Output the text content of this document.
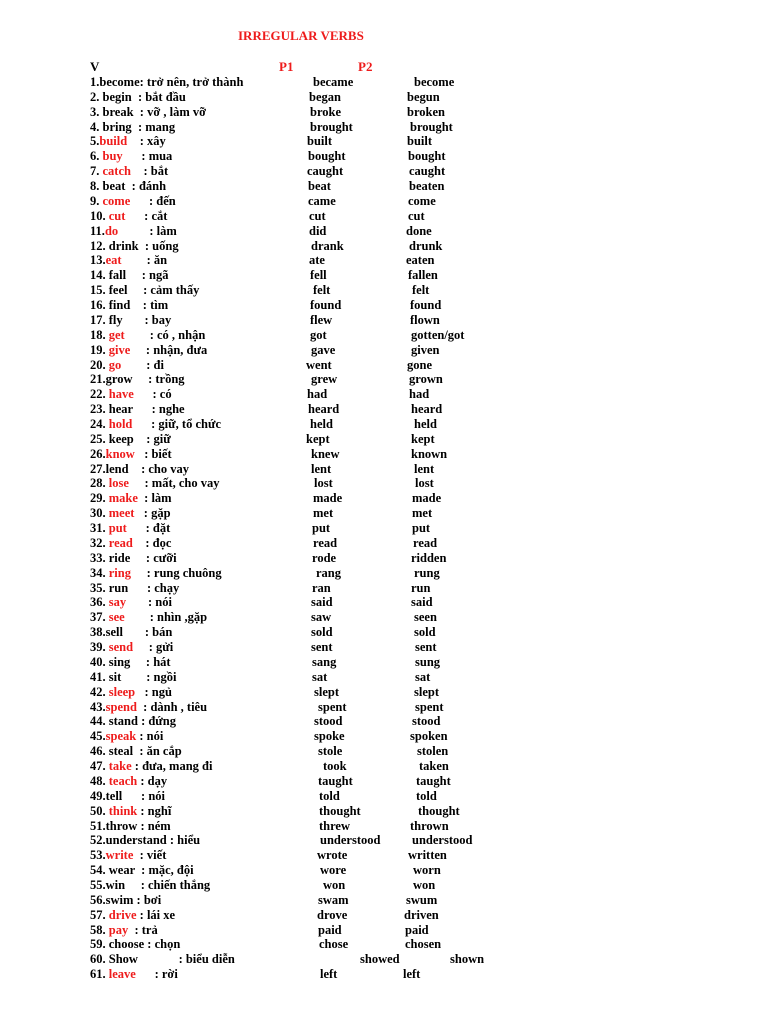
IRREGULAR VERBS
V	P1	P2
1.become: trở nên, trở thành	became	become
2. begin  : bắt đầu	began	begun
3. break  : vỡ , làm vỡ	broke	broken
4. bring  : mang	brought	brought
5.build    : xây	built	built
6. buy      : mua	bought	bought
7. catch    : bắt	caught	caught
8. beat  : đánh	beat	beaten
9. come      : đến	came	come
10. cut      : cắt	cut	cut
11.do          : làm	did	done
12. drink  : uống	drank	drunk
13.eat        : ăn	ate	eaten
14. fall     : ngã	fell	fallen
15. feel     : cảm thấy	felt	felt
16. find    : tìm	found	found
17. fly       : bay	flew	flown
18. get        : có , nhận	got	gotten/got
19. give     : nhận, đưa	gave	given
20. go        : đi	went	gone
21.grow     : trồng	grew	grown
22. have      : có	had	had
23. hear      : nghe	heard	heard
24. hold      : giữ, tổ chức	held	held
25. keep    : giữ	kept	kept
26.know   : biết	knew	known
27.lend    : cho vay	lent	lent
28. lose     : mất, cho vay	lost	lost
29. make  : làm	made	made
30. meet   : gặp	met	met
31. put      : đặt	put	put
32. read    : đọc	read	read
33. ride     : cưỡi	rode	ridden
34. ring     : rung chuông	rang	rung
35. run      : chạy	ran	run
36. say       : nói	said	said
37. see        : nhìn ,gặp	saw	seen
38.sell       : bán	sold	sold
39. send     : gửi	sent	sent
40. sing     : hát	sang	sung
41. sit        : ngồi	sat	sat
42. sleep   : ngủ	slept	slept
43.spend  : dành , tiêu	spent	spent
44. stand : đứng	stood	stood
45.speak : nói	spoke	spoken
46. steal  : ăn cắp	stole	stolen
47. take : đưa, mang đi	took	taken
48. teach : dạy	taught	taught
49.tell      : nói	told	told
50. think : nghĩ	thought	thought
51.throw : ném	threw	thrown
52.understand : hiểu	understood	understood
53.write  : viết	wrote	written
54. wear  : mặc, đội	wore	worn
55.win     : chiến thắng	won	won
56.swim : bơi	swam	swum
57. drive : lái xe	drove	driven
58. pay  : trả	paid	paid
59. choose : chọn	chose	chosen
60. Show             : biểu diễn	showed	shown
61. leave      : rời	left	left
